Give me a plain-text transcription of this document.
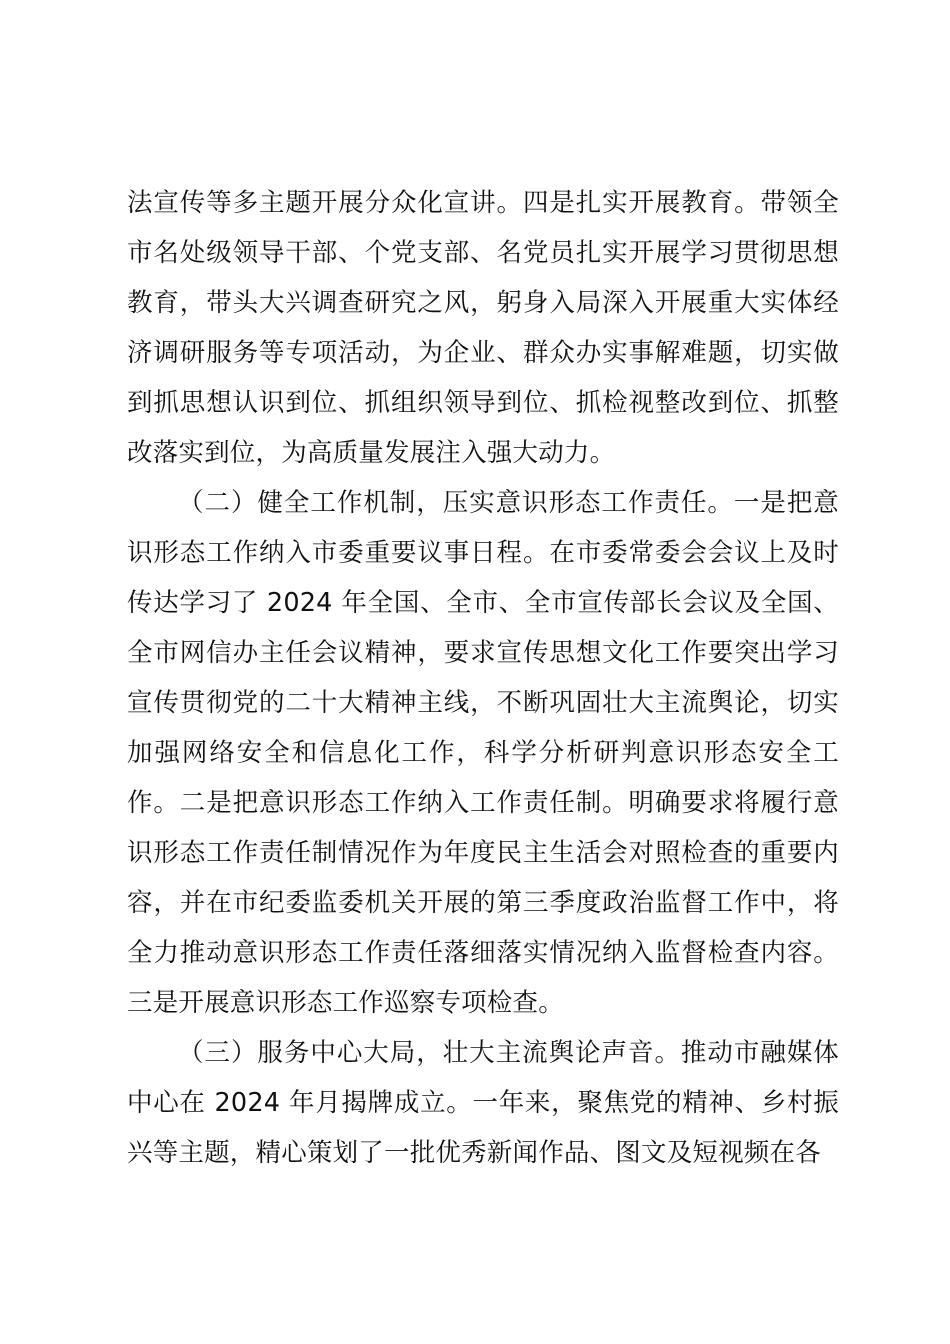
法宣传等多主题开展分众化宣讲。四是扎实开展教育。带领全市名处级领导干部、个党支部、名党员扎实开展学习贯彻思想教育，带头大兴调查研究之风，躬身入局深入开展重大实体经济调研服务等专项活动，为企业、群众办实事解难题，切实做到抓思想认识到位、抓组织领导到位、抓检视整改到位、抓整改落实到位，为高质量发展注入强大动力。

（二）健全工作机制，压实意识形态工作责任。一是把意识形态工作纳入市委重要议事日程。在市委常委会会议上及时传达学习了 2024 年全国、全市、全市宣传部长会议及全国、全市网信办主任会议精神，要求宣传思想文化工作要突出学习宣传贯彻党的二十大精神主线，不断巩固壮大主流舆论，切实加强网络安全和信息化工作，科学分析研判意识形态安全工作。二是把意识形态工作纳入工作责任制。明确要求将履行意识形态工作责任制情况作为年度民主生活会对照检查的重要内容，并在市纪委监委机关开展的第三季度政治监督工作中，将全力推动意识形态工作责任落细落实情况纳入监督检查内容。三是开展意识形态工作巡察专项检查。

（三）服务中心大局，壮大主流舆论声音。推动市融媒体中心在 2024 年月揭牌成立。一年来，聚焦党的精神、乡村振兴等主题，精心策划了一批优秀新闻作品、图文及短视频在各
